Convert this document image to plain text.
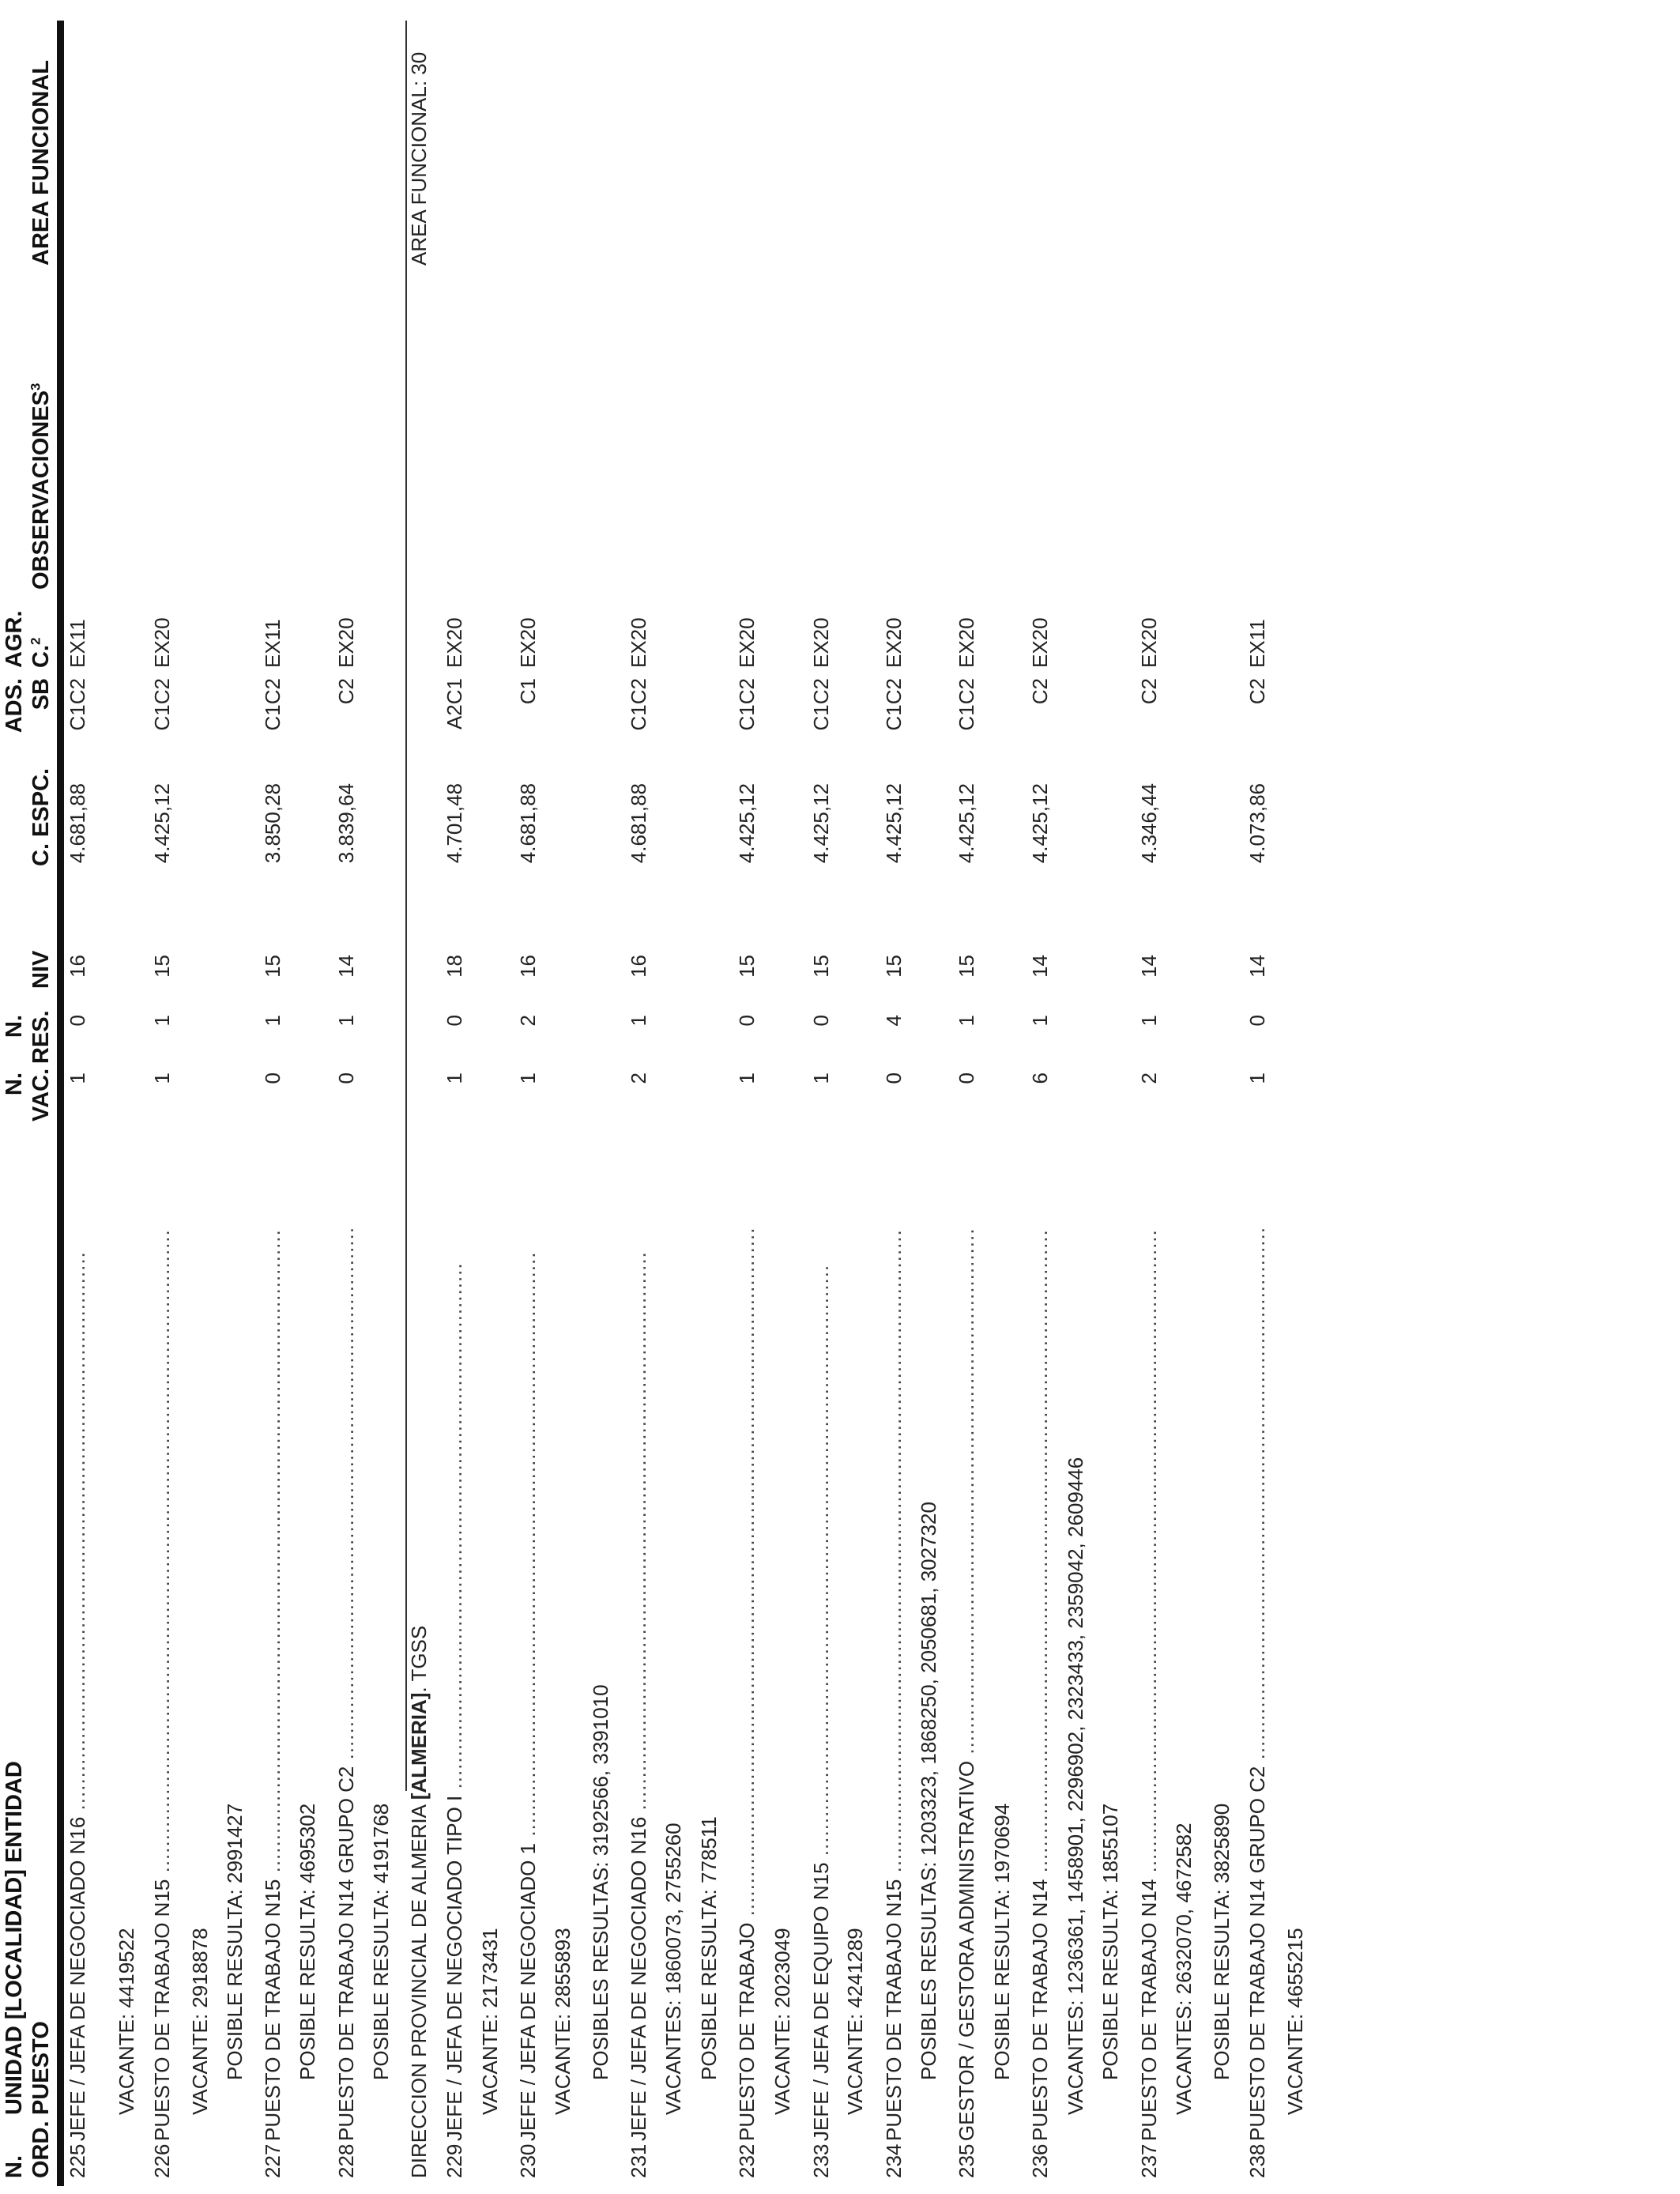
N. ORD.
UNIDAD [LOCALIDAD] ENTIDAD PUESTO
N. VAC.
N. RES.
NIV
C. ESPC.
ADS. SB
AGR. C.$^2$
OBSERVACIONES$^3$
AREA FUNCIONAL
225
JEFE / JEFA DE NEGOCIADO N16 ......................................................................................
1
0
16
4.681,88
C1C2
EX11
VACANTE: 4419522
226
PUESTO DE TRABAJO N15 ...................................................................................................
1
1
15
4.425,12
C1C2
EX20
VACANTE: 2918878 POSIBLE RESULTA: 2991427
227
PUESTO DE TRABAJO N15 ...................................................................................................
0
1
15
3.850,28
C1C2
EX11
POSIBLE RESULTA: 4695302
228
PUESTO DE TRABAJO N14 GRUPO C2 ..................................................................................
0
1
14
3.839,64
C2
EX20
POSIBLE RESULTA: 4191768 DIRECCION PROVINCIAL DE ALMERIA [ALMERIA]. TGSS
AREA FUNCIONAL: 30
229
JEFE / JEFA DE NEGOCIADO TIPO I .................................................................................
1
0
18
4.701,48
A2C1
EX20
VACANTE: 2173431
230
JEFE / JEFA DE NEGOCIADO 1 ..........................................................................................
1
2
16
4.681,88
C1
EX20
VACANTE: 2855893 POSIBLES RESULTAS: 3192566, 3391010
231
JEFE / JEFA DE NEGOCIADO N16 ......................................................................................
2
1
16
4.681,88
C1C2
EX20
VACANTES: 1860073, 2755260 POSIBLE RESULTA: 778511
232
PUESTO DE TRABAJO ..........................................................................................................
1
0
15
4.425,12
C1C2
EX20
VACANTE: 2023049
233
JEFE / JEFA DE EQUIPO N15 ...........................................................................................
1
0
15
4.425,12
C1C2
EX20
VACANTE: 4241289
234
PUESTO DE TRABAJO N15 ...................................................................................................
0
4
15
4.425,12
C1C2
EX20
POSIBLES RESULTAS: 1203323, 1868250, 2050681, 3027320
235
GESTOR / GESTORA ADMINISTRATIVO .................................................................................
0
1
15
4.425,12
C1C2
EX20
POSIBLE RESULTA: 1970694
236
PUESTO DE TRABAJO N14 ...................................................................................................
6
1
14
4.425,12
C2
EX20
VACANTES: 1236361, 1458901, 2296902, 2323433, 2359042, 2609446 POSIBLE RESULTA: 1855107
237
PUESTO DE TRABAJO N14 ...................................................................................................
2
1
14
4.346,44
C2
EX20
VACANTES: 2632070, 4672582 POSIBLE RESULTA: 3825890
238
PUESTO DE TRABAJO N14 GRUPO C2 ..................................................................................
1
0
14
4.073,86
C2
EX11
VACANTE: 4655215
